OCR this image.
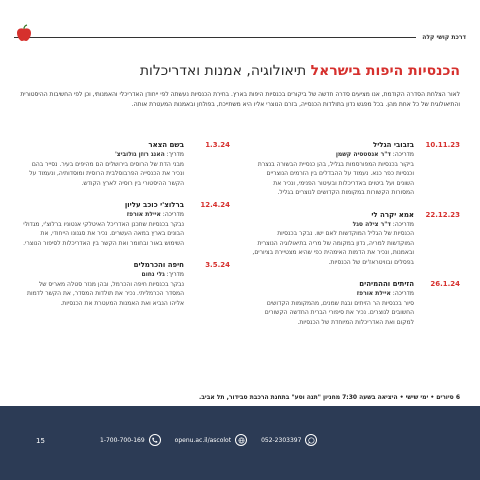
דרכת קושי קלה
הכנסיות היפות בישראל תיאולוגיה, אמנות ואדריכלות

לאור הצלחת הסדרה הקודמת, אנו מציעים סדרה חדשה של ביקורים בכנסיות היפות בארץ. בחירת הכנסיות נעשתה לפי ייחודן האדריכלי והאמנותי, וכן לפי החשיבות ההיסטורית והתיאולוגית של כל אחת מהן. בכל מפגש נדון בתולדות הכנסייה, בזרם הנוצרי אליו היא משתייכת, בפולחן ובאמנות המעטרת אותה.

10.11.23
בזבובי הגליל
מדריכה: ד"ר אנסטסיה קשמן
ביקור בכנסיות המפורסמות בגליל, בהן כנסיית הבשורה בנצרת וכנסיות כפר כנא. נעמוד על ההבדלים בין הזרמים הנוצריים השונים ועל ביטוים באדריכלות ובעיטור הפנימי, ונכיר את המסורות הקשורות במקומות הקדושים לנוצרים בגליל.
22.12.23
אמא יקרה לי
מדריכה: ד"ר צילה סגל
הכנסיות של הגליל המוקדשות לאם ישו. נבקר בכנסיות המוקדשות למריה, נדון במקומה של מריה בתיאולוגיה הנוצרית ובאמנות, ונכיר את הדמות האימהית כפי שהיא מצטיירת בציורים, בפסלים ובוויטראז'ים של הכנסיות.
26.1.24
הזיתים וההמיהים
מדריכה: איילת אורפז
סיור בכנסיות הר הזיתים ובגת שמנים, מהמקומות הקדושים החשובים לנוצרים. נכיר את סיפורי הברית החדשה הקשורים למקום ואת האדריכלות המיוחדת של הכנסיות.
1.3.24
בשם הצאר
מדריך: האנג רוזן גולוביצ'
מבני הדת של הרוסים בירושלים הם מהיפים בעיר. נסייר בהם ונכיר את הכנסייה הפרבוסלבית הרוסית ומוסדותיה, ונעמוד על הקשר ההיסטורי בין רוסיה לארץ הקודש.
12.4.24
ברלוצ'י כוכב עליון
מדריכה: איילת אורפז
נבקר בכנסיות שתכנן האדריכל האיטלקי אנטוניו ברלוצ'י, מגדולי הבונים בארץ במאה העשרים. נכיר את סגנונו הייחודי, את השימוש באור ובחומר ואת הקשר בין האדריכלות לסיפור הנוצרי.
3.5.24
חיפה והכרמלים
מדריך: גלי נחום
נבקר בכנסיות חיפה והכרמל, ובהן מנזר סטלה מאריס של המסדר הכרמליתי. נכיר את תולדות המסדר, את הקשר לדמות אליהו הנביא ואת האמנות המעטרת את הכנסיות.
6 סיורים • ימי שישי • היציאה בשעה 7:30 מחניון "תנה וסע" בתחנת הרכבת סבידור, תל אביב.
15	1-700-700-169	openu.ac.il/ascolot	052-2303397
